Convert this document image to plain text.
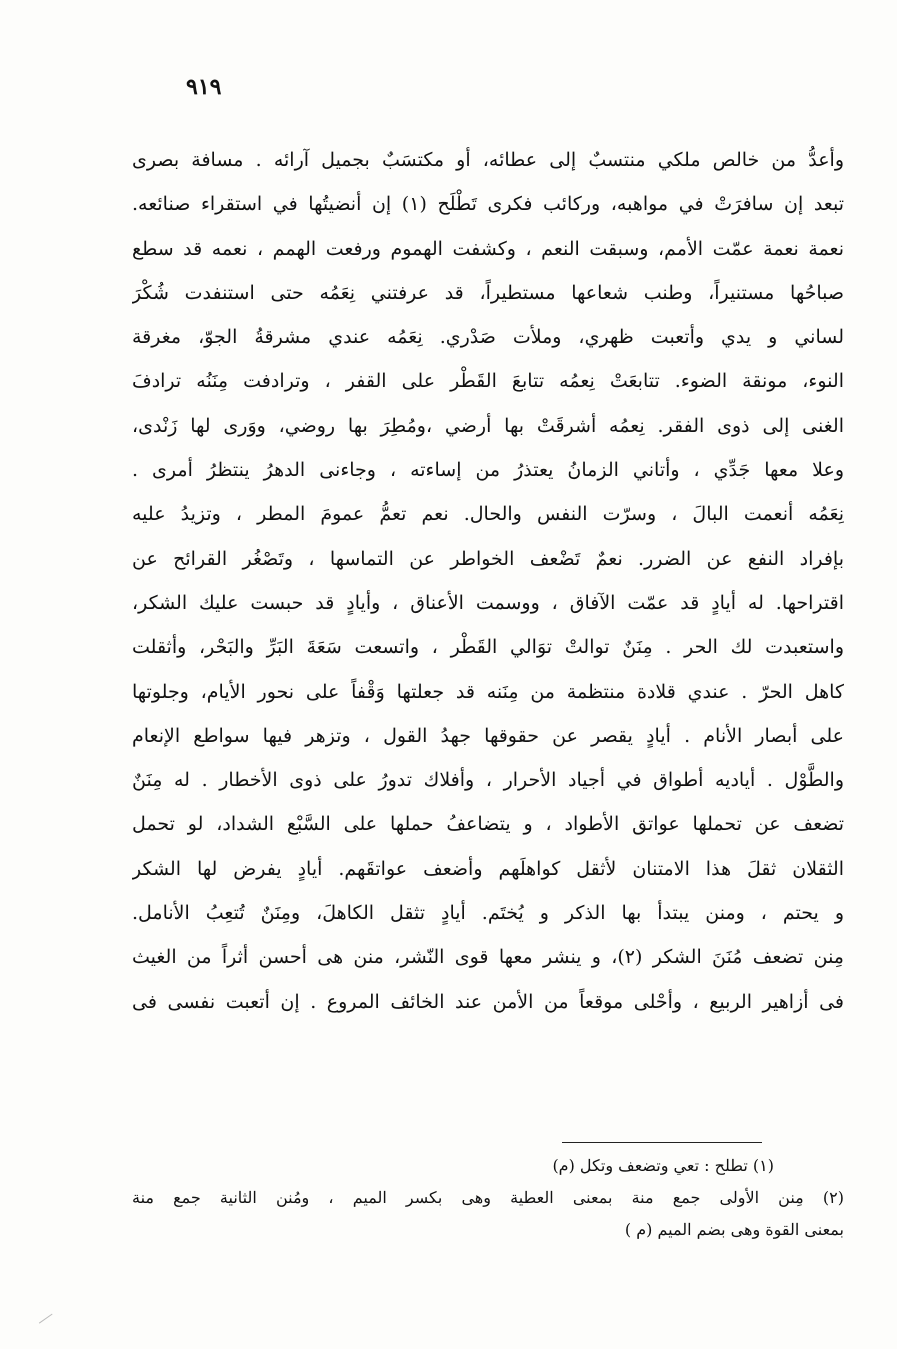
٩١٩
وأعدُّ من خالص ملكي منتسبٌ إلى عطائه، أو مكتسَبٌ بجميل آرائه . مسافة بصرى
تبعد إن سافرَتْ في مواهبه، وركائب فكرى تَطْلَح (١) إن أنضيتُها في استقراء صنائعه.
نعمة نعمة عمّت الأمم، وسبقت النعم ، وكشفت الهموم ورفعت الهمم ، نعمه قد سطع
صباحُها مستنيراً، وطنب شعاعها مستطيراً، قد عرفتني نِعَمُه حتى استنفدت شُكْرَ
لساني و يدي وأتعبت ظهري، وملأت صَدْري. نِعَمُه عندي مشرقةُ الجوّ، مغرقة
النوء، مونقة الضوء. تتابعَتْ نِعمُه تتابعَ القَطْر على القفر ، وترادفت مِنَنُه ترادفَ
الغنى إلى ذوى الفقر. نِعمُه أشرقَتْ بها أرضي ،ومُطِرَ بها روضي، ووَرى لها زَنْدى،
وعلا معها جَدِّي ، وأتاني الزمانُ يعتذرُ من إساءته ، وجاءنى الدهرُ ينتظرُ أمرى .
نِعَمُه أنعمت البالَ ، وسرّت النفس والحال. نعم تعمُّ عمومَ المطر ، وتزيدُ عليه
بإفراد النفع عن الضرر. نعمٌ تَضْعف الخواطر عن التماسها ، وتَصْغُر القرائح عن
اقتراحها. له أيادٍ قد عمّت الآفاق ، ووسمت الأعناق ، وأيادٍ قد حبست عليك الشكر،
واستعبدت لك الحر . مِنَنٌ توالتْ توَالي القَطْر ، واتسعت سَعَةَ البَرِّ والبَحْر، وأثقلت
كاهل الحرّ . عندي قلادة منتظمة من مِنَنه قد جعلتها وَقْفاً على نحور الأيام، وجلوتها
على أبصار الأنام . أيادٍ يقصر عن حقوقها جهدُ القول ، وتزهر فيها سواطع الإنعام
والطَّوْل . أياديه أطواق في أجياد الأحرار ، وأفلاك تدورُ على ذوى الأخطار . له مِنَنٌ
تضعف عن تحملها عواتق الأطواد ، و يتضاعفُ حملها على السَّبْع الشداد، لو تحمل
الثقلان ثقلَ هذا الامتنان لأثقل كواهلَهم وأضعف عواتقَهم. أيادٍ يفرض لها الشكر
و يحتم ، ومنن يبتدأ بها الذكر و يُختَم. أيادٍ تثقل الكاهلَ، ومِنَنٌ تُتعِبُ الأنامل.
مِنن تضعف مُنَنَ الشكر (٢)، و ينشر معها قوى النّشر، منن هى أحسن أثراً من الغيث
فى أزاهير الربيع ، وأحْلى موقعاً من الأمن عند الخائف المروع . إن أتعبت نفسى فى
(١) تطلح : تعي وتضعف وتكل (م)
(٢) مِنن الأولى جمع منة بمعنى العطية وهى بكسر الميم ، ومُنن الثانية جمع منة
بمعنى القوة وهى بضم الميم (م )
